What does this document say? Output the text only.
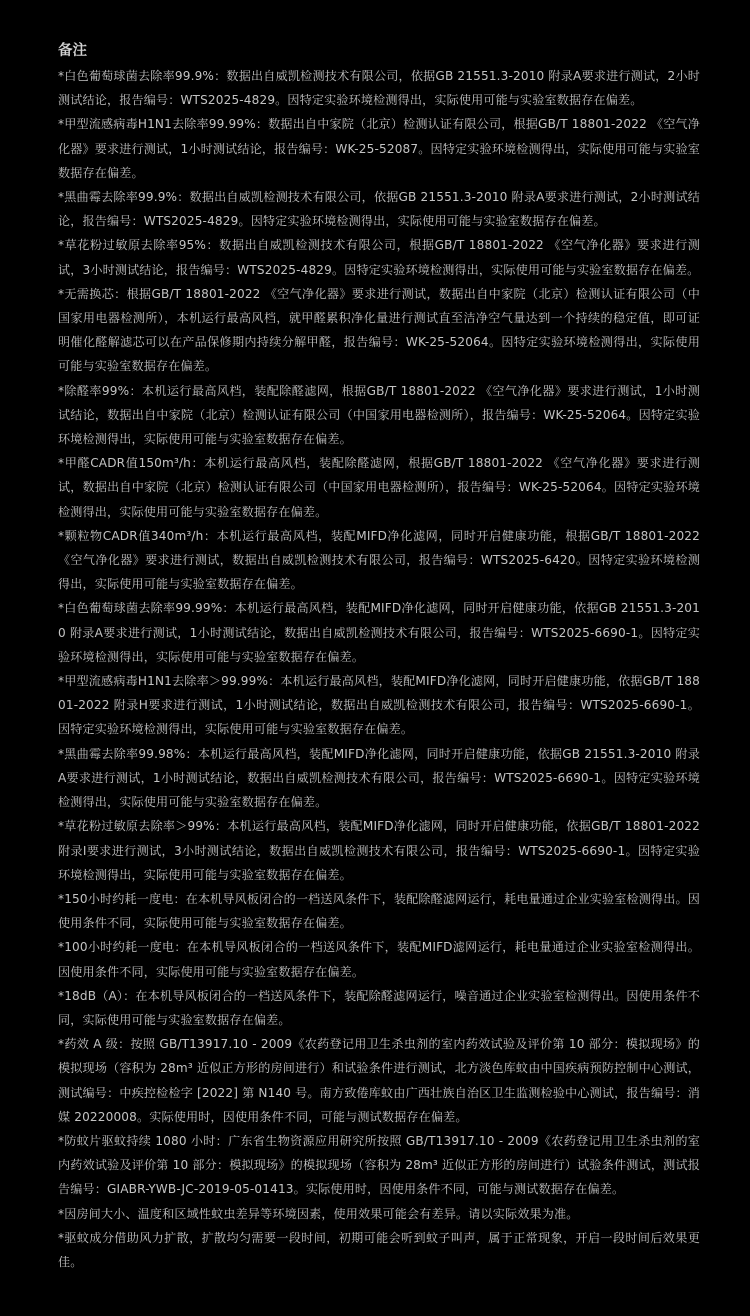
备注
*白色葡萄球菌去除率99.9%：数据出自威凯检测技术有限公司，依据GB 21551.3-2010 附录A要求进行测试，2小时测试结论，报告编号：WTS2025-4829。因特定实验环境检测得出，实际使用可能与实验室数据存在偏差。
*甲型流感病毒H1N1去除率99.99%：数据出自中家院（北京）检测认证有限公司，根据GB/T 18801-2022 《空气净化器》要求进行测试，1小时测试结论，报告编号：WK-25-52087。因特定实验环境检测得出，实际使用可能与实验室数据存在偏差。
*黑曲霉去除率99.9%：数据出自威凯检测技术有限公司，依据GB 21551.3-2010 附录A要求进行测试，2小时测试结论，报告编号：WTS2025-4829。因特定实验环境检测得出，实际使用可能与实验室数据存在偏差。
*草花粉过敏原去除率95%：数据出自威凯检测技术有限公司，根据GB/T 18801-2022 《空气净化器》要求进行测试，3小时测试结论，报告编号：WTS2025-4829。因特定实验环境检测得出，实际使用可能与实验室数据存在偏差。
*无需换芯：根据GB/T 18801-2022 《空气净化器》要求进行测试，数据出自中家院（北京）检测认证有限公司（中国家用电器检测所），本机运行最高风档，就甲醛累积净化量进行测试直至洁净空气量达到一个持续的稳定值，即可证明催化醛解滤芯可以在产品保修期内持续分解甲醛，报告编号：WK-25-52064。因特定实验环境检测得出，实际使用可能与实验室数据存在偏差。
*除醛率99%：本机运行最高风档，装配除醛滤网，根据GB/T 18801-2022 《空气净化器》要求进行测试，1小时测试结论，数据出自中家院（北京）检测认证有限公司（中国家用电器检测所），报告编号：WK-25-52064。因特定实验环境检测得出，实际使用可能与实验室数据存在偏差。
*甲醛CADR值150m³/h：本机运行最高风档，装配除醛滤网，根据GB/T 18801-2022 《空气净化器》要求进行测试，数据出自中家院（北京）检测认证有限公司（中国家用电器检测所），报告编号：WK-25-52064。因特定实验环境检测得出，实际使用可能与实验室数据存在偏差。
*颗粒物CADR值340m³/h：本机运行最高风档，装配MIFD净化滤网，同时开启健康功能，根据GB/T 18801-2022 《空气净化器》要求进行测试，数据出自威凯检测技术有限公司，报告编号：WTS2025-6420。因特定实验环境检测得出，实际使用可能与实验室数据存在偏差。
*白色葡萄球菌去除率99.99%：本机运行最高风档，装配MIFD净化滤网，同时开启健康功能，依据GB 21551.3-2010 附录A要求进行测试，1小时测试结论，数据出自威凯检测技术有限公司，报告编号：WTS2025-6690-1。因特定实验环境检测得出，实际使用可能与实验室数据存在偏差。
*甲型流感病毒H1N1去除率＞99.99%：本机运行最高风档，装配MIFD净化滤网，同时开启健康功能，依据GB/T 18801-2022 附录H要求进行测试，1小时测试结论，数据出自威凯检测技术有限公司，报告编号：WTS2025-6690-1。因特定实验环境检测得出，实际使用可能与实验室数据存在偏差。
*黑曲霉去除率99.98%：本机运行最高风档，装配MIFD净化滤网，同时开启健康功能，依据GB 21551.3-2010 附录A要求进行测试，1小时测试结论，数据出自威凯检测技术有限公司，报告编号：WTS2025-6690-1。因特定实验环境检测得出，实际使用可能与实验室数据存在偏差。
*草花粉过敏原去除率＞99%：本机运行最高风档，装配MIFD净化滤网，同时开启健康功能，依据GB/T 18801-2022 附录I要求进行测试，3小时测试结论，数据出自威凯检测技术有限公司，报告编号：WTS2025-6690-1。因特定实验环境检测得出，实际使用可能与实验室数据存在偏差。
*150小时约耗一度电：在本机导风板闭合的一档送风条件下，装配除醛滤网运行，耗电量通过企业实验室检测得出。因使用条件不同，实际使用可能与实验室数据存在偏差。
*100小时约耗一度电：在本机导风板闭合的一档送风条件下，装配MIFD滤网运行，耗电量通过企业实验室检测得出。因使用条件不同，实际使用可能与实验室数据存在偏差。
*18dB（A）：在本机导风板闭合的一档送风条件下，装配除醛滤网运行，噪音通过企业实验室检测得出。因使用条件不同，实际使用可能与实验室数据存在偏差。
*药效 A 级：按照 GB/T13917.10 - 2009《农药登记用卫生杀虫剂的室内药效试验及评价第 10 部分：模拟现场》的模拟现场（容积为 28m³ 近似正方形的房间进行）和试验条件进行测试，北方淡色库蚊由中国疾病预防控制中心测试，测试编号：中疾控检检字 [2022] 第 N140 号。南方致倦库蚊由广西壮族自治区卫生监测检验中心测试，报告编号：消媒 20220008。实际使用时，因使用条件不同，可能与测试数据存在偏差。
*防蚊片驱蚊持续 1080 小时：广东省生物资源应用研究所按照 GB/T13917.10 - 2009《农药登记用卫生杀虫剂的室内药效试验及评价第 10 部分：模拟现场》的模拟现场（容积为 28m³ 近似正方形的房间进行）试验条件测试，测试报告编号：GIABR-YWB-JC-2019-05-01413。实际使用时，因使用条件不同，可能与测试数据存在偏差。
*因房间大小、温度和区域性蚊虫差异等环境因素，使用效果可能会有差异。请以实际效果为准。
*驱蚊成分借助风力扩散，扩散均匀需要一段时间，初期可能会听到蚊子叫声，属于正常现象，开启一段时间后效果更佳。
